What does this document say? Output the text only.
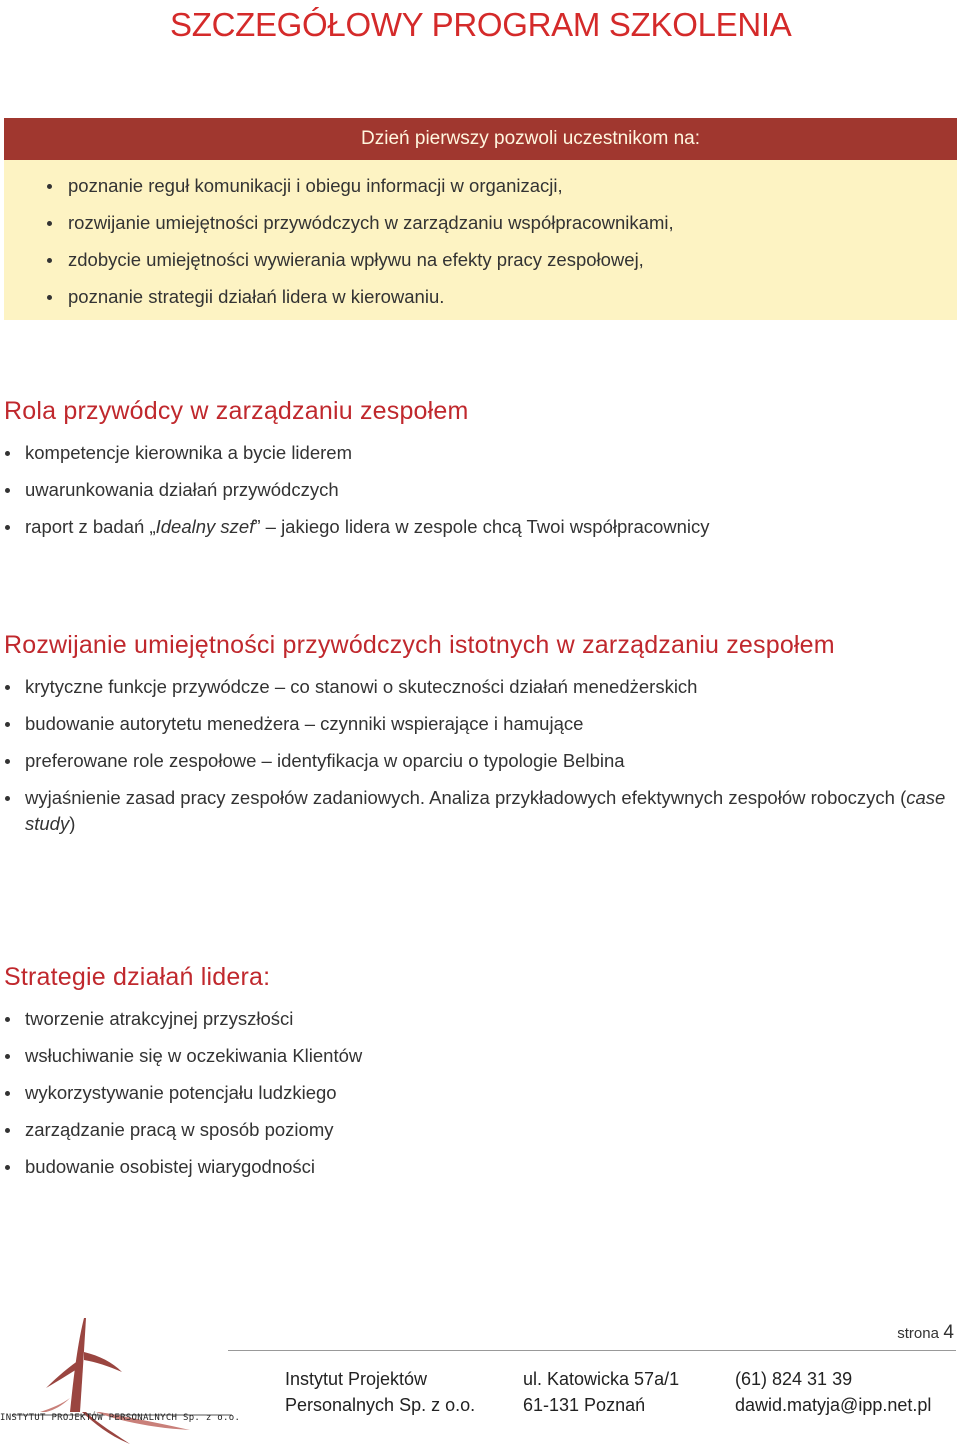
SZCZEGÓŁOWY PROGRAM SZKOLENIA
Dzień pierwszy pozwoli uczestnikom na:
poznanie reguł komunikacji i obiegu informacji w organizacji,
rozwijanie umiejętności przywódczych w zarządzaniu współpracownikami,
zdobycie umiejętności wywierania wpływu na efekty pracy zespołowej,
poznanie strategii działań lidera w kierowaniu.
Rola przywódcy w zarządzaniu zespołem
kompetencje kierownika a bycie liderem
uwarunkowania działań przywódczych
raport z badań „Idealny szef” – jakiego lidera w zespole chcą Twoi współpracownicy
Rozwijanie umiejętności przywódczych istotnych w zarządzaniu zespołem
krytyczne funkcje przywódcze – co stanowi o skuteczności działań menedżerskich
budowanie autorytetu menedżera – czynniki wspierające i hamujące
preferowane role zespołowe – identyfikacja w oparciu o typologie Belbina
wyjaśnienie zasad pracy zespołów zadaniowych. Analiza przykładowych efektywnych zespołów roboczych (case study)
Strategie działań lidera:
tworzenie atrakcyjnej przyszłości
wsłuchiwanie się w oczekiwania Klientów
wykorzystywanie potencjału ludzkiego
zarządzanie pracą w sposób poziomy
budowanie osobistej wiarygodności
INSTYTUT PROJEKTÓW PERSONALNYCH Sp. z o.o.
strona 4
Instytut Projektów
Personalnych Sp. z o.o.
ul. Katowicka 57a/1
61-131 Poznań
(61) 824 31 39
dawid.matyja@ipp.net.pl
